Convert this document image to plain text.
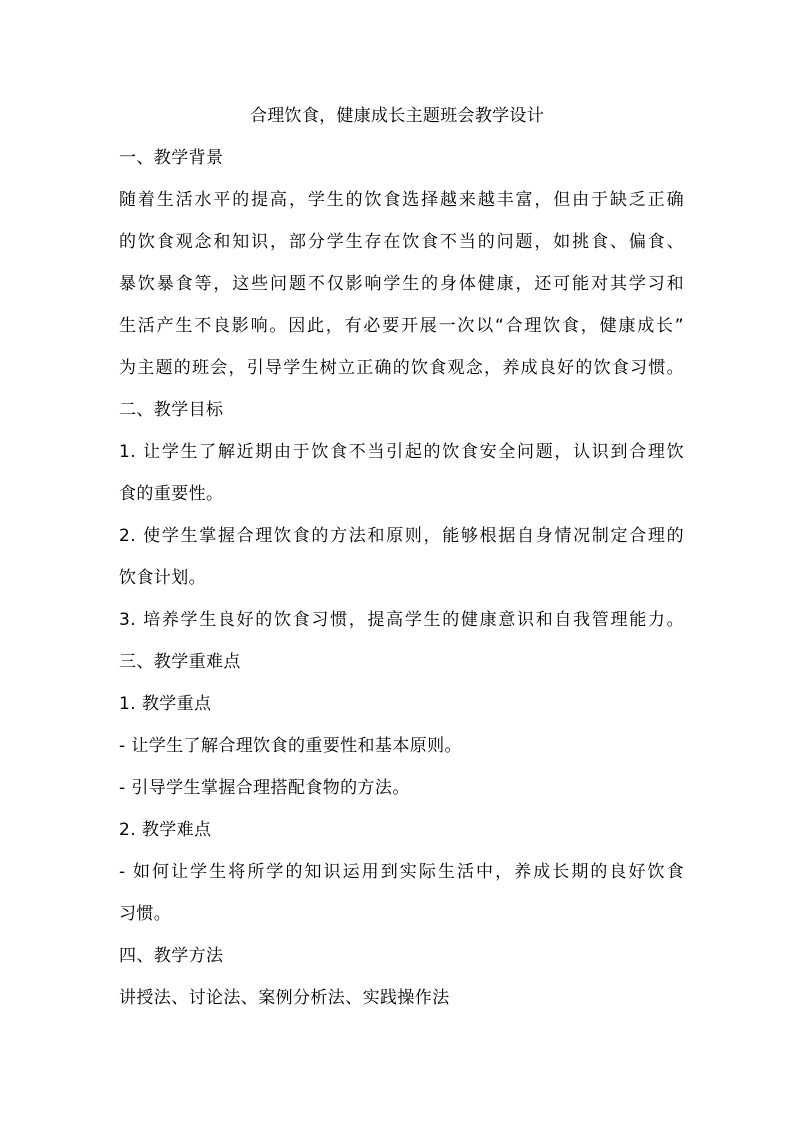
合理饮食，健康成长主题班会教学设计
一、教学背景
随着生活水平的提高，学生的饮食选择越来越丰富，但由于缺乏正确
的饮食观念和知识，部分学生存在饮食不当的问题，如挑食、偏食、
暴饮暴食等，这些问题不仅影响学生的身体健康，还可能对其学习和
生活产生不良影响。因此，有必要开展一次以“合理饮食，健康成长”
为主题的班会，引导学生树立正确的饮食观念，养成良好的饮食习惯。
二、教学目标
1. 让学生了解近期由于饮食不当引起的饮食安全问题，认识到合理饮
食的重要性。
2. 使学生掌握合理饮食的方法和原则，能够根据自身情况制定合理的
饮食计划。
3. 培养学生良好的饮食习惯，提高学生的健康意识和自我管理能力。
三、教学重难点
1. 教学重点
- 让学生了解合理饮食的重要性和基本原则。
- 引导学生掌握合理搭配食物的方法。
2. 教学难点
- 如何让学生将所学的知识运用到实际生活中，养成长期的良好饮食
习惯。
四、教学方法
讲授法、讨论法、案例分析法、实践操作法
